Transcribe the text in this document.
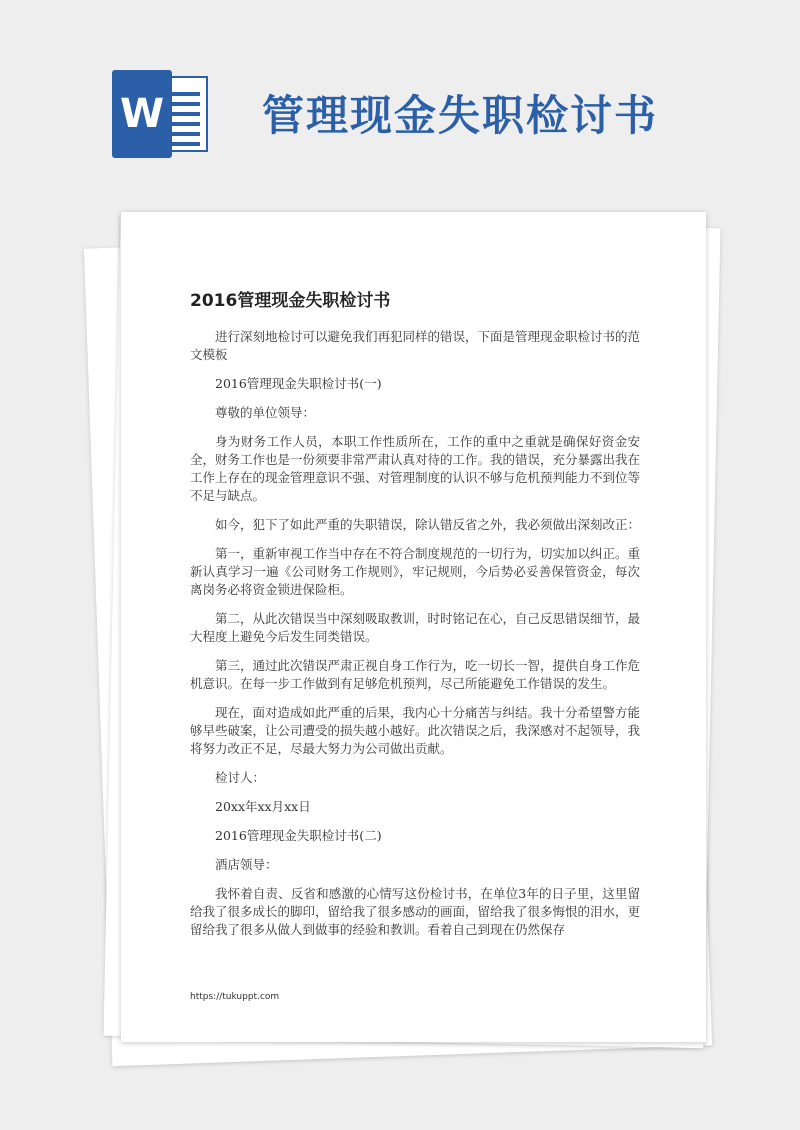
W 管理现金失职检讨书
2016管理现金失职检讨书

进行深刻地检讨可以避免我们再犯同样的错误，下面是管理现金职检讨书的范文模板

2016管理现金失职检讨书(一)

尊敬的单位领导：

身为财务工作人员，本职工作性质所在，工作的重中之重就是确保好资金安全，财务工作也是一份须要非常严肃认真对待的工作。我的错误，充分暴露出我在工作上存在的现金管理意识不强、对管理制度的认识不够与危机预判能力不到位等不足与缺点。

如今，犯下了如此严重的失职错误，除认错反省之外，我必须做出深刻改正：

第一，重新审视工作当中存在不符合制度规范的一切行为，切实加以纠正。重新认真学习一遍《公司财务工作规则》，牢记规则，今后势必妥善保管资金，每次离岗务必将资金锁进保险柜。

第二，从此次错误当中深刻吸取教训，时时铭记在心，自己反思错误细节，最大程度上避免今后发生同类错误。

第三，通过此次错误严肃正视自身工作行为，吃一切长一智，提供自身工作危机意识。在每一步工作做到有足够危机预判，尽己所能避免工作错误的发生。

现在，面对造成如此严重的后果，我内心十分痛苦与纠结。我十分希望警方能够早些破案，让公司遭受的损失越小越好。此次错误之后，我深感对不起领导，我将努力改正不足，尽最大努力为公司做出贡献。

检讨人：

20xx年xx月xx日

2016管理现金失职检讨书(二)

酒店领导：

我怀着自责、反省和感激的心情写这份检讨书，在单位3年的日子里，这里留给我了很多成长的脚印，留给我了很多感动的画面，留给我了很多悔恨的泪水，更留给我了很多从做人到做事的经验和教训。看着自己到现在仍然保存

https://tukuppt.com
